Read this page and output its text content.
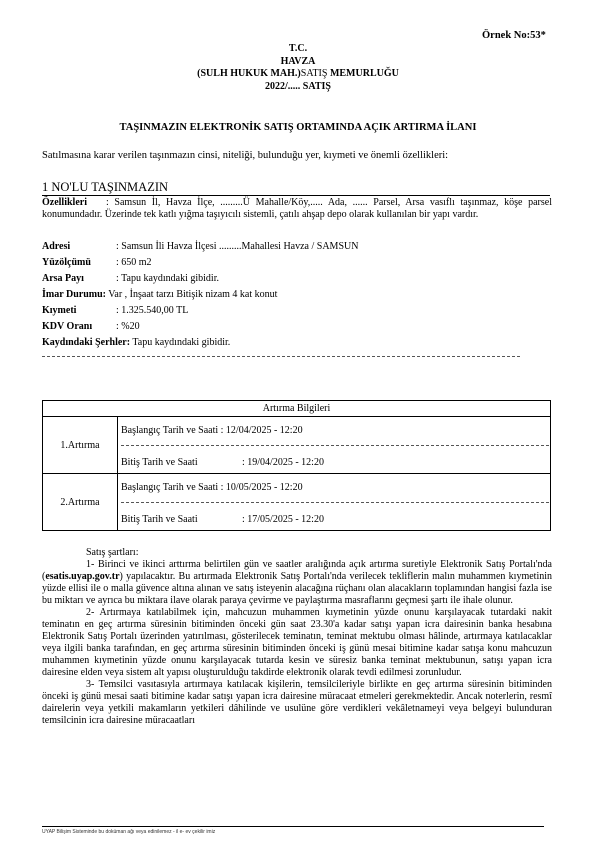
Örnek No:53*
T.C.
HAVZA
(SULH HUKUK MAH.)SATIŞ MEMURLUĞU
2022/..... SATIŞ
TAŞINMAZIN ELEKTRONİK SATIŞ ORTAMINDA AÇIK ARTIRMA İLANI
Satılmasına karar verilen taşınmazın cinsi, niteliği, bulunduğu yer, kıymeti ve önemli özellikleri:
1 NO'LU TAŞINMAZIN
Özellikleri : Samsun İl, Havza İlçe, .........Ü Mahalle/Köy,..... Ada, ...... Parsel, Arsa vasıflı taşınmaz, köşe parsel konumundadır. Üzerinde tek katlı yığma taşıyıcılı sistemli, çatılı ahşap depo olarak kullanılan bir yapı vardır.
Adresi	: Samsun İli Havza İlçesi .........Mahallesi Havza / SAMSUN
Yüzölçümü	: 650 m2
Arsa Payı	: Tapu kaydındaki gibidir.
İmar Durumu: Var , İnşaat tarzı Bitişik nizam 4 kat konut
Kıymeti	: 1.325.540,00 TL
KDV Oranı : %20
Kaydındaki Şerhler: Tapu kaydındaki gibidir.
Artırma Bilgileri	
1.Artırma	Başlangıç Tarih ve Saati : 12/04/2025 - 12:20
Bitiş Tarih ve Saati : 19/04/2025 - 12:20

2.Artırma	Başlangıç Tarih ve Saati : 10/05/2025 - 12:20
Bitiş Tarih ve Saati : 17/05/2025 - 12:20

Satış şartları:

1- Birinci ve ikinci arttırma belirtilen gün ve saatler aralığında açık artırma suretiyle Elektronik Satış Portalı'nda (esatis.uyap.gov.tr) yapılacaktır. Bu artırmada Elektronik Satış Portalı'nda verilecek tekliflerin malın muhammen kıymetinin yüzde ellisi ile o malla güvence altına alınan ve satış isteyenin alacağına rüçhanı olan alacakların toplamından hangisi fazla ise bu miktarı ve ayrıca bu miktara ilave olarak paraya çevirme ve paylaştırma masraflarını geçmesi şartı ile ihale olunur.

2- Artırmaya katılabilmek için, mahcuzun muhammen kıymetinin yüzde onunu karşılayacak tutardaki nakit teminatın en geç artırma süresinin bitiminden önceki gün saat 23.30'a kadar satışı yapan icra dairesinin banka hesabına Elektronik Satış Portalı üzerinden yatırılması, gösterilecek teminatın, teminat mektubu olması hâlinde, artırmaya katılacaklar veya ilgili banka tarafından, en geç artırma süresinin bitiminden önceki iş günü mesai bitimine kadar satışa konu mahcuzun muhammen kıymetinin yüzde onunu karşılayacak tutarda kesin ve süresiz banka teminat mektubunun, satışı yapan icra dairesine elden veya sistem alt yapısı oluşturulduğu takdirde elektronik olarak tevdi edilmesi zorunludur.

3- Temsilci vasıtasıyla artırmaya katılacak kişilerin, temsilcileriyle birlikte en geç artırma süresinin bitiminden önceki iş günü mesai saati bitimine kadar satışı yapan icra dairesine müracaat etmeleri gerekmektedir. Ancak noterlerin, resmî dairelerin veya yetkili makamların yetkileri dâhilinde ve usulüne göre verdikleri vekâletnameyi veya belgeyi bulunduran temsilcinin icra dairesine müracaatları

UYAP Bilişim Sisteminde bu doküman ağı veya edinilemez - il e- ev çekilir imiz
